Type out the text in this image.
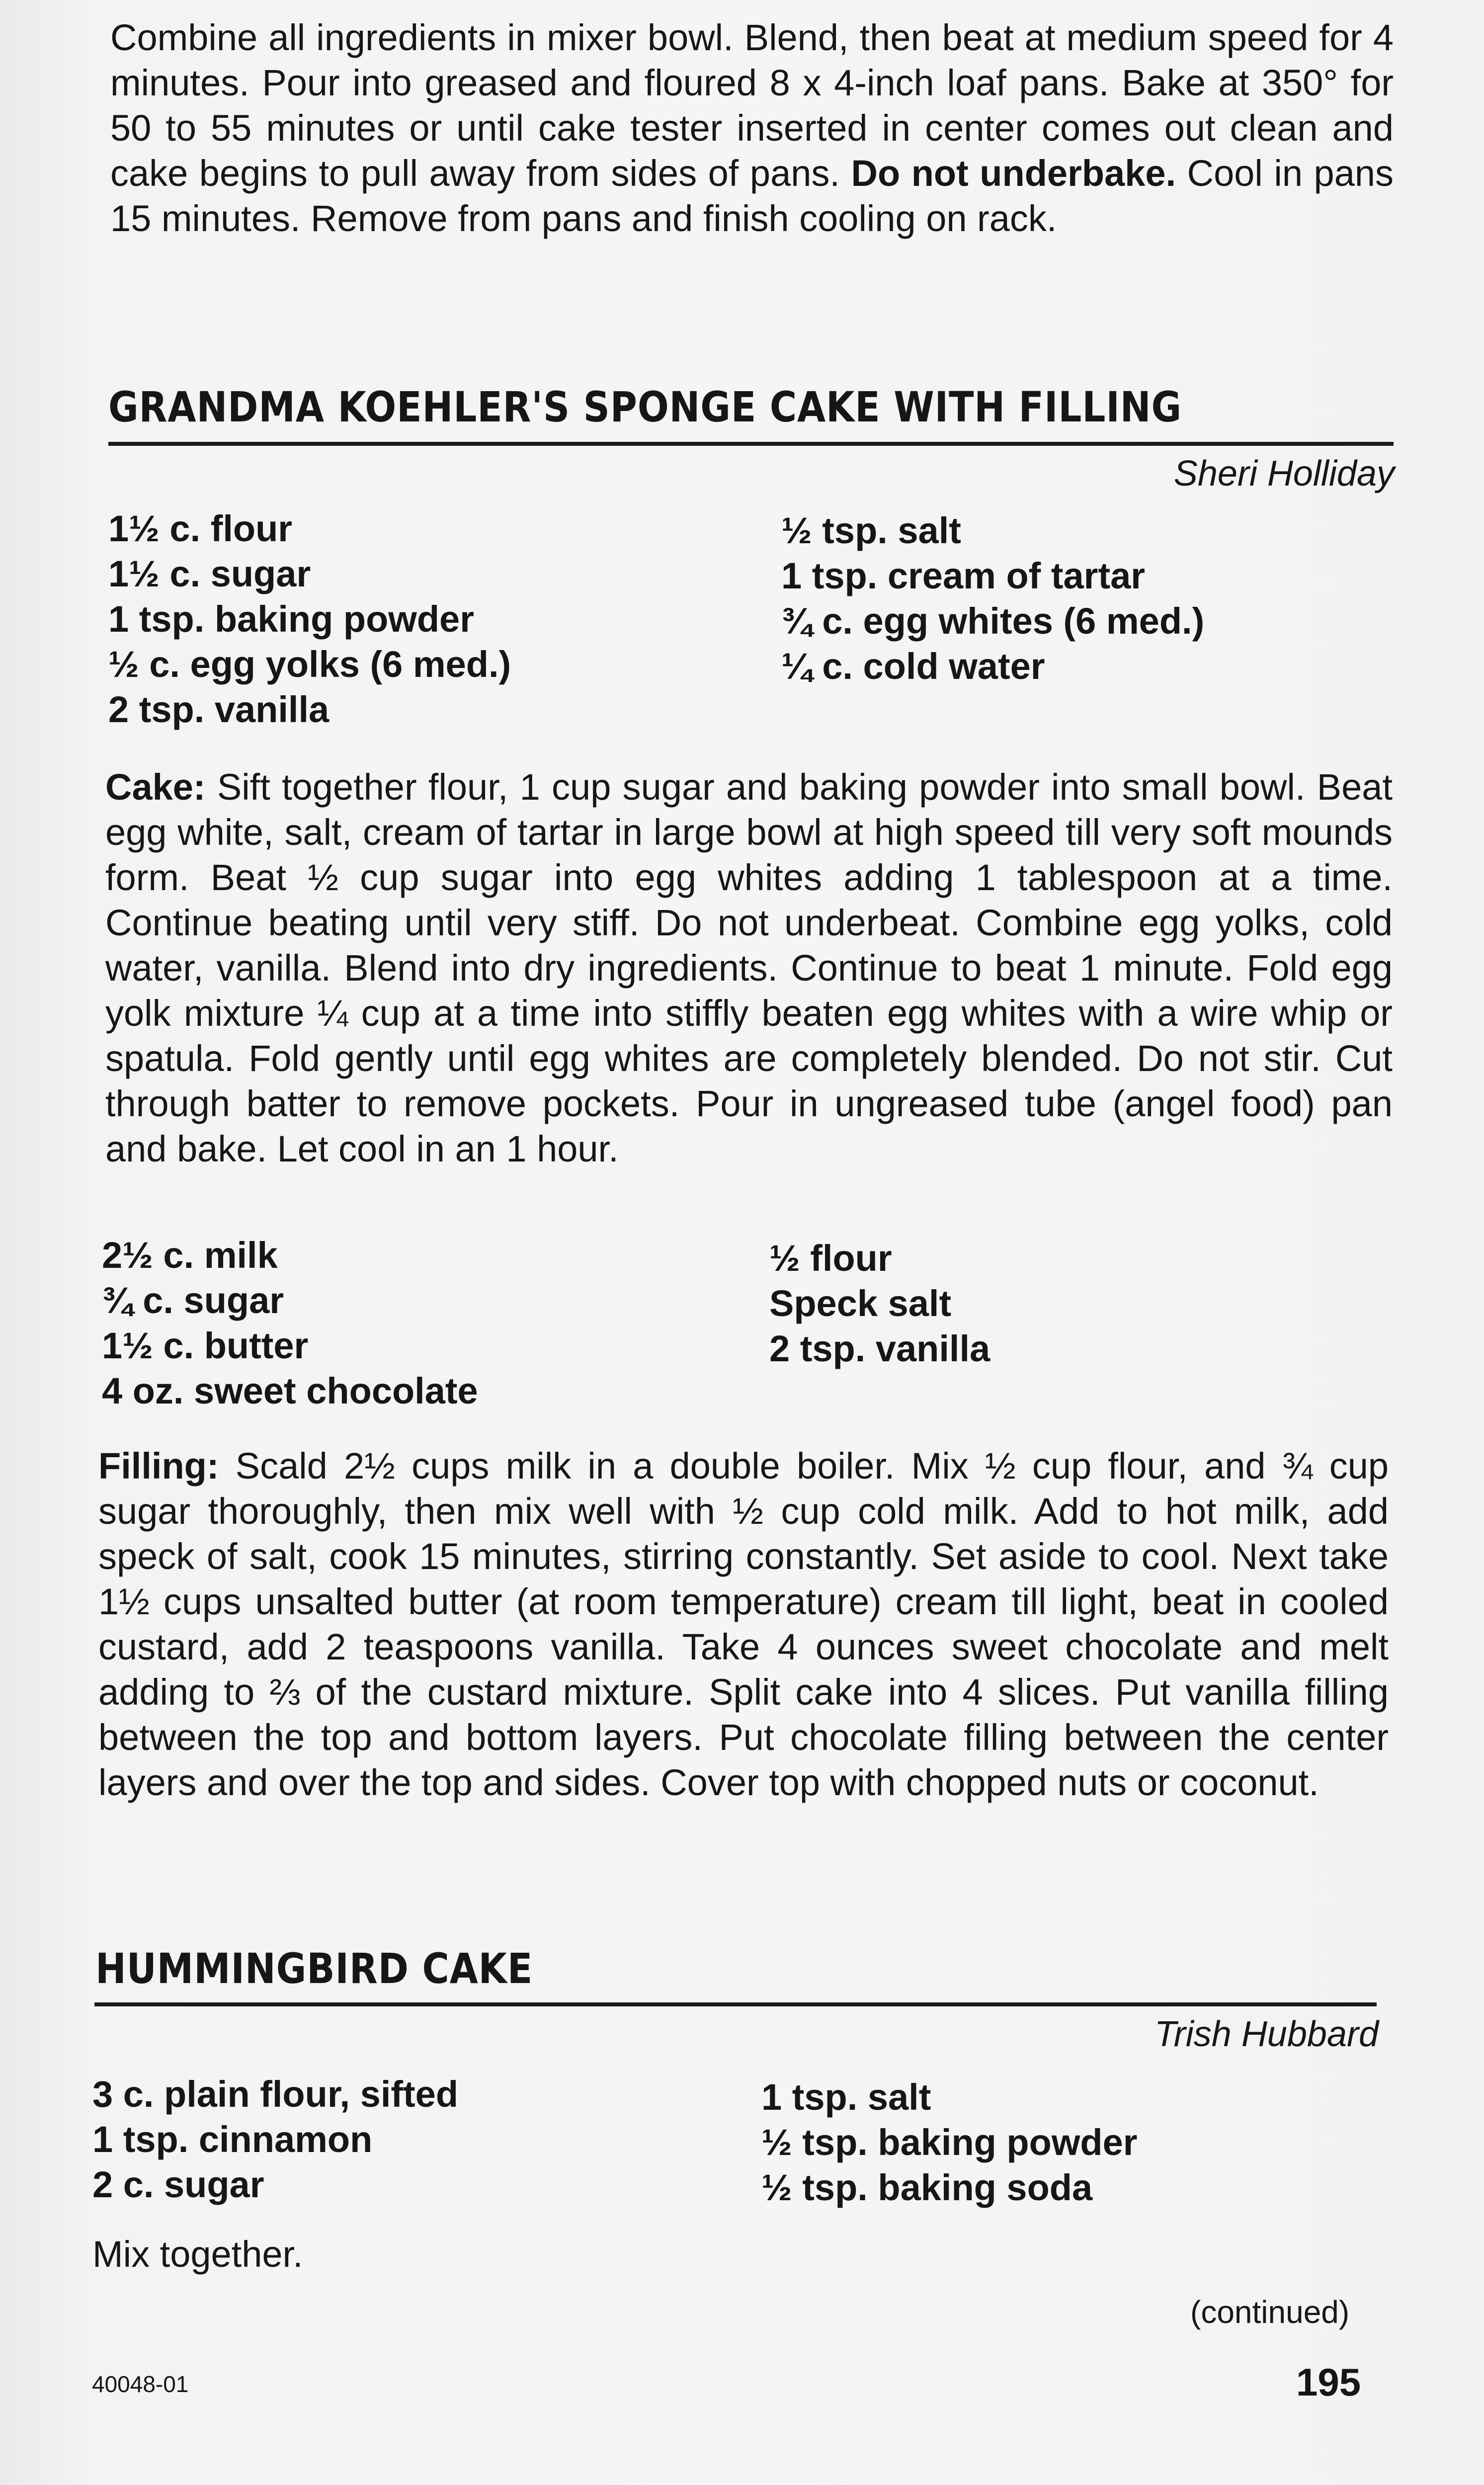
Combine all ingredients in mixer bowl. Blend, then beat at medium speed for 4 minutes. Pour into greased and floured 8 x 4-inch loaf pans. Bake at 350° for 50 to 55 minutes or until cake tester inserted in center comes out clean and cake begins to pull away from sides of pans. Do not underbake. Cool in pans 15 minutes. Remove from pans and finish cooling on rack.

GRANDMA KOEHLER'S SPONGE CAKE WITH FILLING

Sheri Holliday

1½ c. flour
1½ c. sugar
1 tsp. baking powder
½ c. egg yolks (6 med.)
2 tsp. vanilla
½ tsp. salt
1 tsp. cream of tartar
¾ c. egg whites (6 med.)
¼ c. cold water

Cake: Sift together flour, 1 cup sugar and baking powder into small bowl. Beat egg white, salt, cream of tartar in large bowl at high speed till very soft mounds form. Beat ½ cup sugar into egg whites adding 1 tablespoon at a time. Continue beating until very stiff. Do not underbeat. Combine egg yolks, cold water, vanilla. Blend into dry ingredients. Continue to beat 1 minute. Fold egg yolk mixture ¼ cup at a time into stiffly beaten egg whites with a wire whip or spatula. Fold gently until egg whites are completely blended. Do not stir. Cut through batter to remove pockets. Pour in ungreased tube (angel food) pan and bake. Let cool in an 1 hour.

2½ c. milk
¾ c. sugar
1½ c. butter
4 oz. sweet chocolate
½ flour
Speck salt
2 tsp. vanilla

Filling: Scald 2½ cups milk in a double boiler. Mix ½ cup flour, and ¾ cup sugar thoroughly, then mix well with ½ cup cold milk. Add to hot milk, add speck of salt, cook 15 minutes, stirring constantly. Set aside to cool. Next take 1½ cups unsalted butter (at room temperature) cream till light, beat in cooled custard, add 2 teaspoons vanilla. Take 4 ounces sweet chocolate and melt adding to ⅔ of the custard mixture. Split cake into 4 slices. Put vanilla filling between the top and bottom layers. Put chocolate filling between the center layers and over the top and sides. Cover top with chopped nuts or coconut.

HUMMINGBIRD CAKE

Trish Hubbard

3 c. plain flour, sifted
1 tsp. cinnamon
2 c. sugar
1 tsp. salt
½ tsp. baking powder
½ tsp. baking soda

Mix together.

(continued)

40048-01	195
